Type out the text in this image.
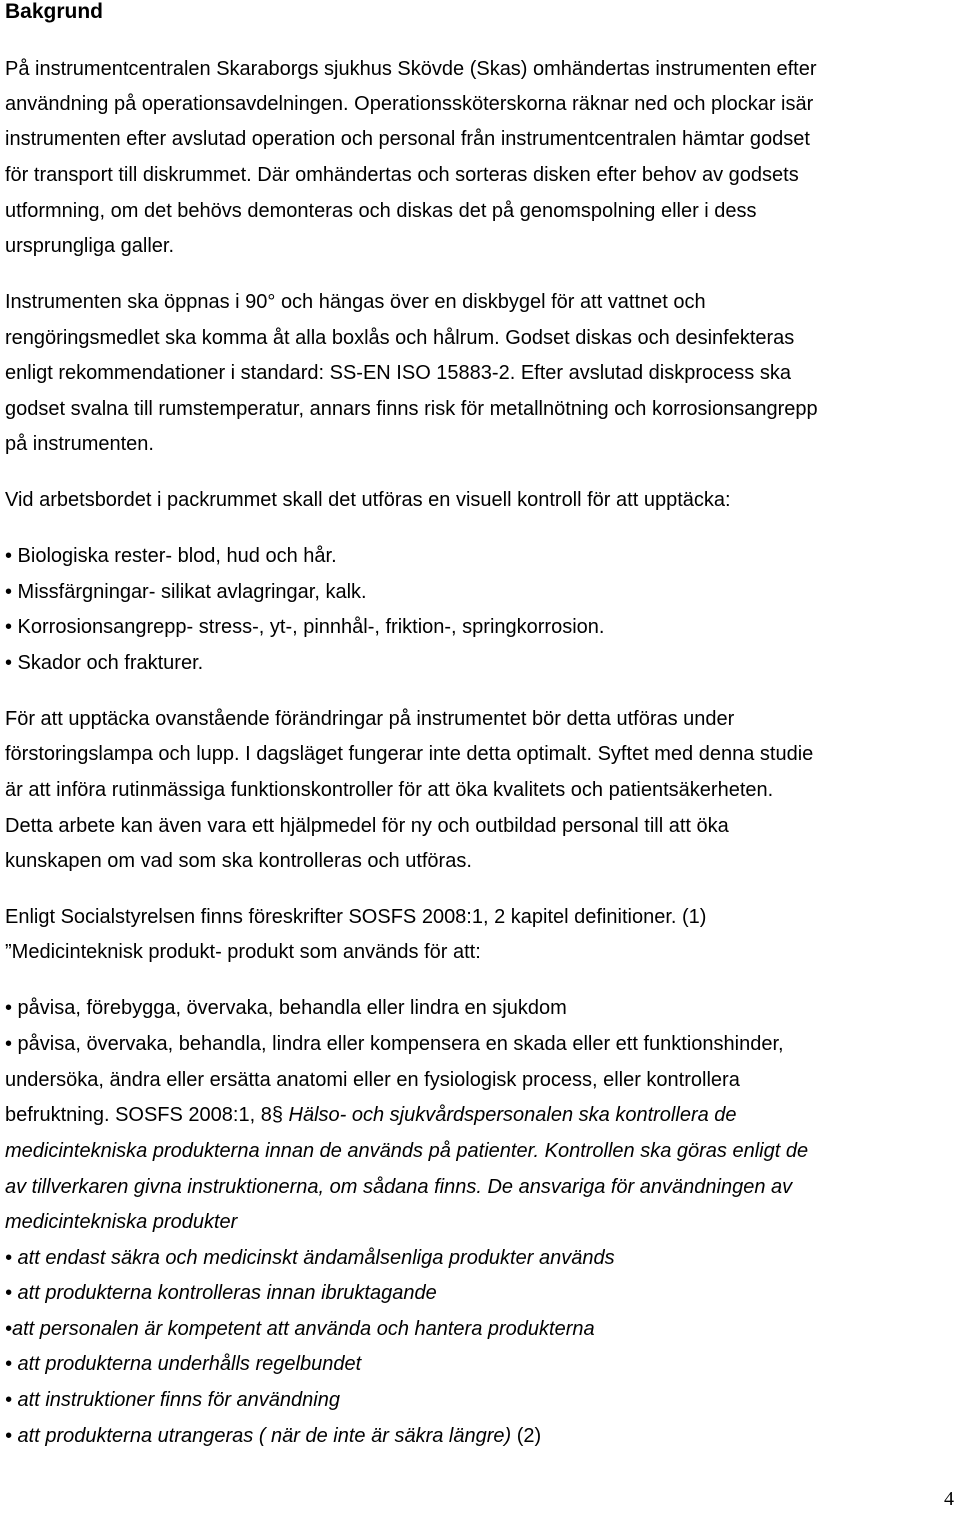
Bakgrund
På instrumentcentralen Skaraborgs sjukhus Skövde (Skas) omhändertas instrumenten efter
användning på operationsavdelningen. Operationssköterskorna räknar ned och plockar isär
instrumenten efter avslutad operation och personal från instrumentcentralen hämtar godset
för transport till diskrummet. Där omhändertas och sorteras disken efter behov av godsets
utformning, om det behövs demonteras och diskas det på genomspolning eller i dess
ursprungliga galler.
Instrumenten ska öppnas i 90° och hängas över en diskbygel för att vattnet och
rengöringsmedlet ska komma åt alla boxlås och hålrum. Godset diskas och desinfekteras
enligt rekommendationer i standard: SS-EN ISO 15883-2. Efter avslutad diskprocess ska
godset svalna till rumstemperatur, annars finns risk för metallnötning och korrosionsangrepp
på instrumenten.
Vid arbetsbordet i packrummet skall det utföras en visuell kontroll för att upptäcka:
• Biologiska rester- blod, hud och hår.
• Missfärgningar- silikat avlagringar, kalk.
• Korrosionsangrepp- stress-, yt-, pinnhål-, friktion-, springkorrosion.
• Skador och frakturer.
För att upptäcka ovanstående förändringar på instrumentet bör detta utföras under
förstoringslampa och lupp. I dagsläget fungerar inte detta optimalt. Syftet med denna studie
är att införa rutinmässiga funktionskontroller för att öka kvalitets och patientsäkerheten.
Detta arbete kan även vara ett hjälpmedel för ny och outbildad personal till att öka
kunskapen om vad som ska kontrolleras och utföras.
Enligt Socialstyrelsen finns föreskrifter SOSFS 2008:1, 2 kapitel definitioner. (1)
”Medicinteknisk produkt- produkt som används för att:
• påvisa, förebygga, övervaka, behandla eller lindra en sjukdom
• påvisa, övervaka, behandla, lindra eller kompensera en skada eller ett funktionshinder,
undersöka, ändra eller ersätta anatomi eller en fysiologisk process, eller kontrollera
befruktning. SOSFS 2008:1, 8§ Hälso- och sjukvårdspersonalen ska kontrollera de
medicintekniska produkterna innan de används på patienter. Kontrollen ska göras enligt de
av tillverkaren givna instruktionerna, om sådana finns. De ansvariga för användningen av
medicintekniska produkter
• att endast säkra och medicinskt ändamålsenliga produkter används
• att produkterna kontrolleras innan ibruktagande
•att personalen är kompetent att använda och hantera produkterna
• att produkterna underhålls regelbundet
• att instruktioner finns för användning
• att produkterna utrangeras ( när de inte är säkra längre) (2)
4
